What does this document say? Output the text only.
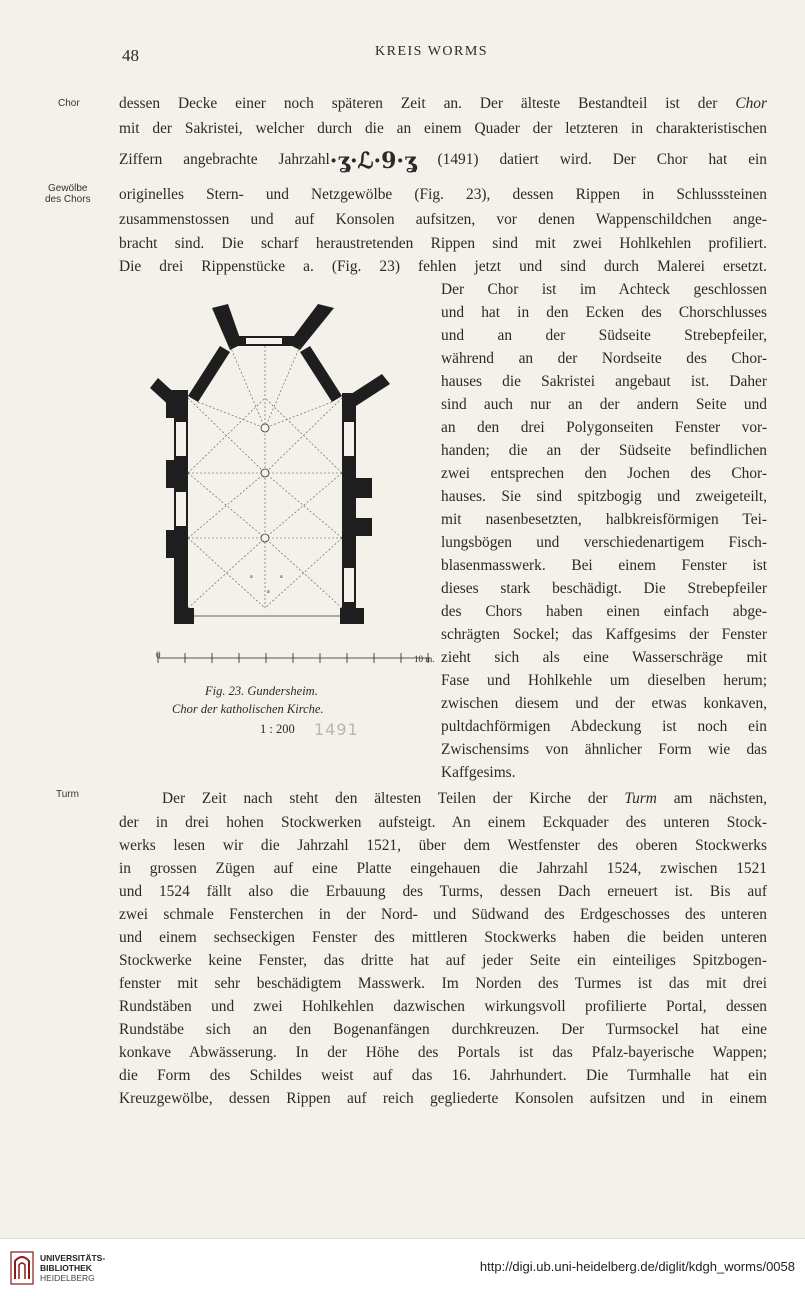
48	KREIS WORMS
Chor
Gewölbe
des Chors
Turm
dessen Decke einer noch späteren Zeit an. Der älteste Bestandteil ist der Chor
mit der Sakristei, welcher durch die an einem Quader der letzteren in charakteristischen
Ziffern angebrachte Jahrzahl·ʓ·ℒ·9·ʓ (1491) datiert wird. Der Chor hat ein
originelles Stern- und Netzgewölbe (Fig. 23), dessen Rippen in Schlusssteinen
zusammenstossen und auf Konsolen aufsitzen, vor denen Wappenschildchen ange-
bracht sind. Die scharf heraustretenden Rippen sind mit zwei Hohlkehlen profiliert.
Die drei Rippenstücke a. (Fig. 23) fehlen jetzt und sind durch Malerei ersetzt.
Der Chor ist im Achteck geschlossen
und hat in den Ecken des Chorschlusses
und an der Südseite Strebepfeiler,
während an der Nordseite des Chor-
hauses die Sakristei angebaut ist. Daher
sind auch nur an der andern Seite und
an den drei Polygonseiten Fenster vor-
handen; die an der Südseite befindlichen
zwei entsprechen den Jochen des Chor-
hauses. Sie sind spitzbogig und zweigeteilt,
mit nasenbesetzten, halbkreisförmigen Tei-
lungsbögen und verschiedenartigem Fisch-
blasenmasswerk. Bei einem Fenster ist
dieses stark beschädigt. Die Strebepfeiler
des Chors haben einen einfach abge-
schrägten Sockel; das Kaffgesims der Fenster
zieht sich als eine Wasserschräge mit
Fase und Hohlkehle um dieselben herum;
zwischen diesem und der etwas konkaven,
pultdachförmigen Abdeckung ist noch ein
Zwischensims von ähnlicher Form wie das
Kaffgesims.
a	a
a
0	10 m.
Fig. 23. Gundersheim.
Chor der katholischen Kirche.
1 : 200 1491
Der Zeit nach steht den ältesten Teilen der Kirche der Turm am nächsten,
der in drei hohen Stockwerken aufsteigt. An einem Eckquader des unteren Stock-
werks lesen wir die Jahrzahl 1521, über dem Westfenster des oberen Stockwerks
in grossen Zügen auf eine Platte eingehauen die Jahrzahl 1524, zwischen 1521
und 1524 fällt also die Erbauung des Turms, dessen Dach erneuert ist. Bis auf
zwei schmale Fensterchen in der Nord- und Südwand des Erdgeschosses des unteren
und einem sechseckigen Fenster des mittleren Stockwerks haben die beiden unteren
Stockwerke keine Fenster, das dritte hat auf jeder Seite ein einteiliges Spitzbogen-
fenster mit sehr beschädigtem Masswerk. Im Norden des Turmes ist das mit drei
Rundstäben und zwei Hohlkehlen dazwischen wirkungsvoll profilierte Portal, dessen
Rundstäbe sich an den Bogenanfängen durchkreuzen. Der Turmsockel hat eine
konkave Abwässerung. In der Höhe des Portals ist das Pfalz-bayerische Wappen;
die Form des Schildes weist auf das 16. Jahrhundert. Die Turmhalle hat ein
Kreuzgewölbe, dessen Rippen auf reich gegliederte Konsolen aufsitzen und in einem
UNIVERSITÄTS-
BIBLIOTHEK
HEIDELBERG
http://digi.ub.uni-heidelberg.de/diglit/kdgh_worms/0058
